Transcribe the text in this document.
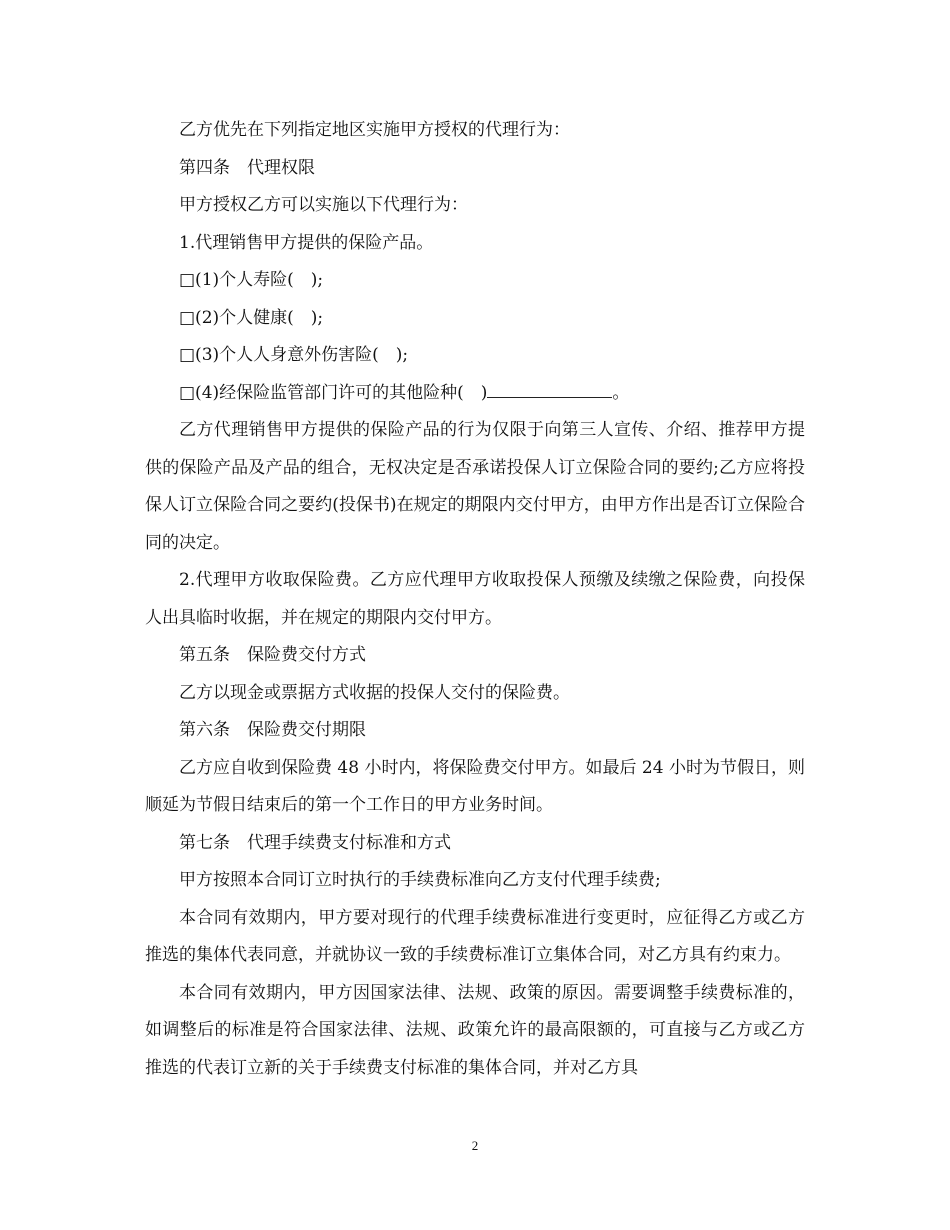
乙方优先在下列指定地区实施甲方授权的代理行为：

第四条　代理权限

甲方授权乙方可以实施以下代理行为：

1.代理销售甲方提供的保险产品。

□(1)个人寿险(　);

□(2)个人健康(　);

□(3)个人人身意外伤害险(　);

□(4)经保险监管部门许可的其他险种(　)	。

乙方代理销售甲方提供的保险产品的行为仅限于向第三人宣传、介绍、推荐甲方提供的保险产品及产品的组合，无权决定是否承诺投保人订立保险合同的要约;乙方应将投保人订立保险合同之要约(投保书)在规定的期限内交付甲方，由甲方作出是否订立保险合同的决定。

2.代理甲方收取保险费。乙方应代理甲方收取投保人预缴及续缴之保险费，向投保人出具临时收据，并在规定的期限内交付甲方。

第五条　保险费交付方式

乙方以现金或票据方式收据的投保人交付的保险费。

第六条　保险费交付期限

乙方应自收到保险费 48 小时内，将保险费交付甲方。如最后 24 小时为节假日，则顺延为节假日结束后的第一个工作日的甲方业务时间。

第七条　代理手续费支付标准和方式

甲方按照本合同订立时执行的手续费标准向乙方支付代理手续费;

本合同有效期内，甲方要对现行的代理手续费标准进行变更时，应征得乙方或乙方推选的集体代表同意，并就协议一致的手续费标准订立集体合同，对乙方具有约束力。

本合同有效期内，甲方因国家法律、法规、政策的原因。需要调整手续费标准的，如调整后的标准是符合国家法律、法规、政策允许的最高限额的，可直接与乙方或乙方推选的代表订立新的关于手续费支付标准的集体合同，并对乙方具

2
